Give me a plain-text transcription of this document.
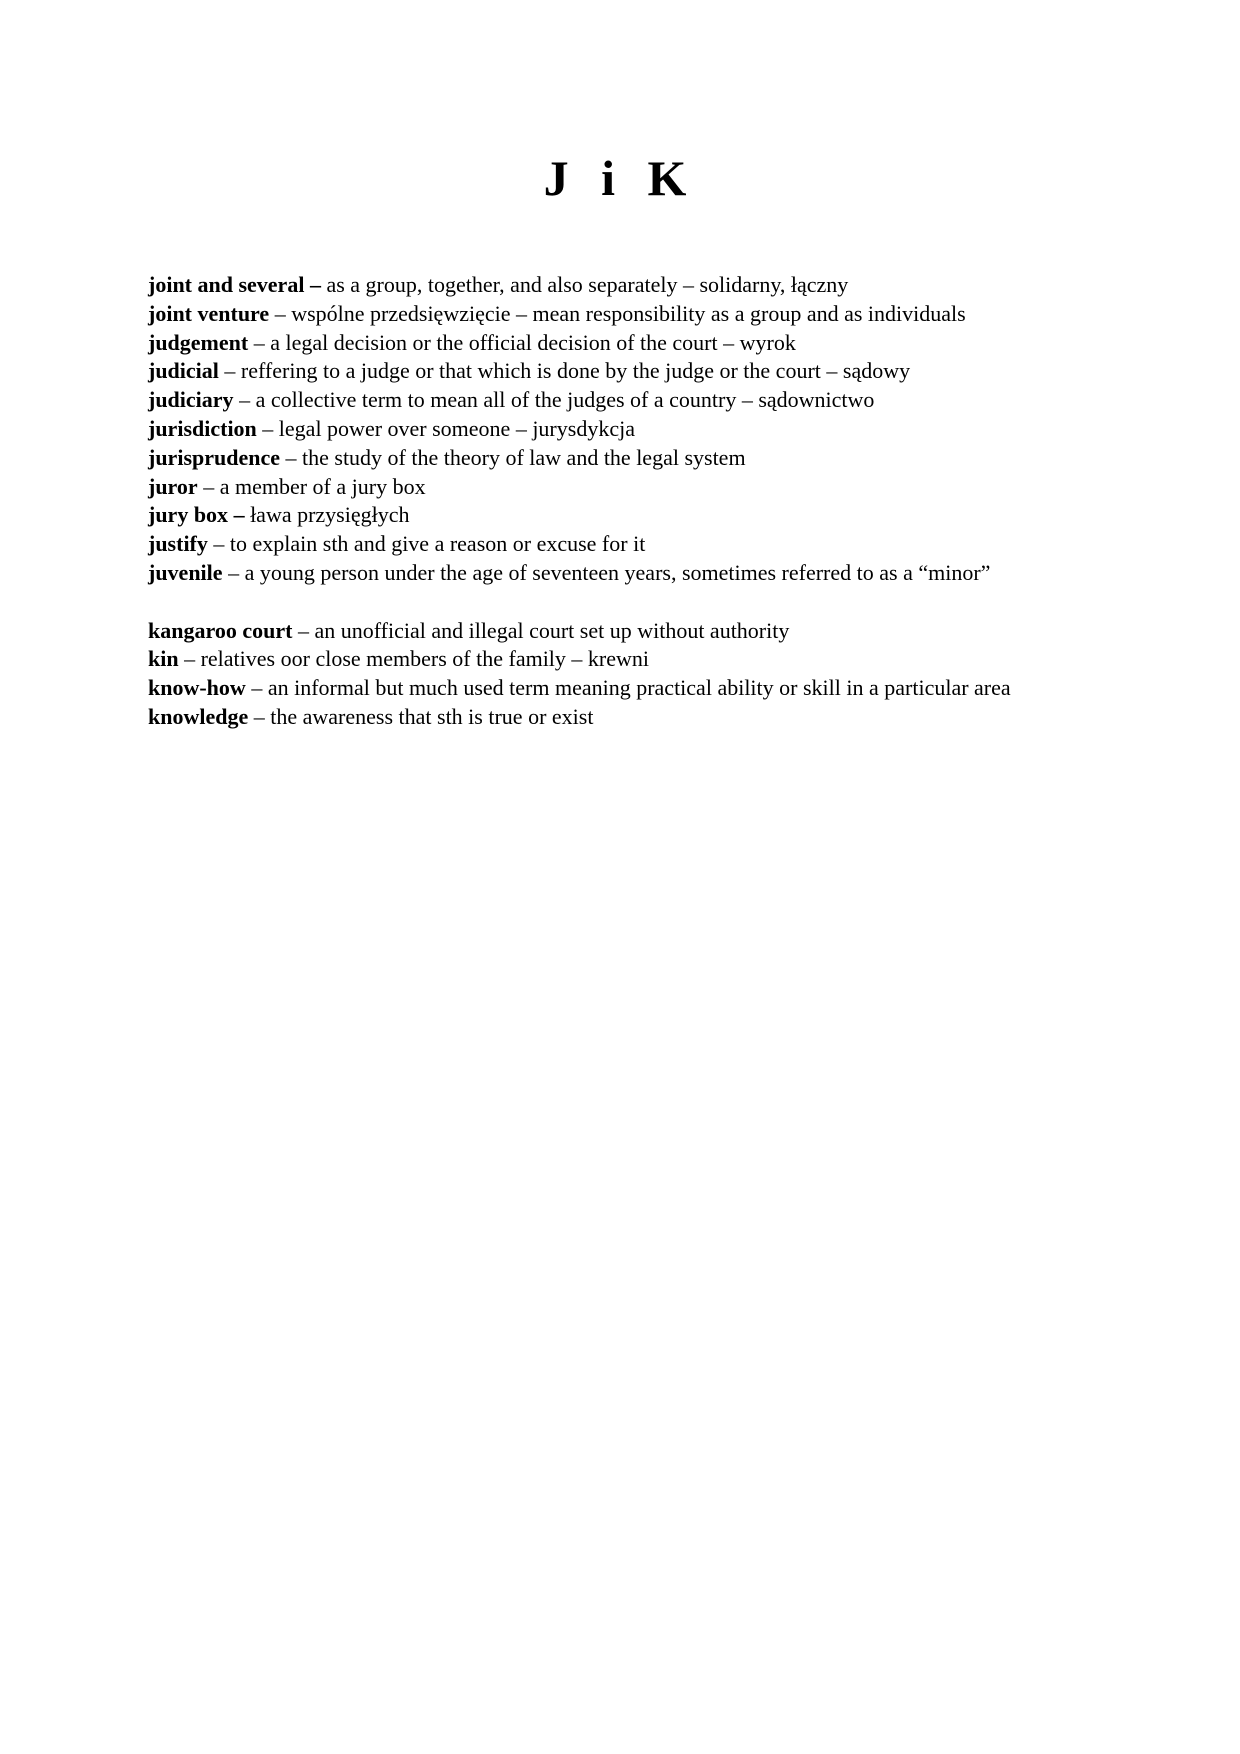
J i K

joint and several – as a group, together, and also separately – solidarny, łączny

joint venture – wspólne przedsięwzięcie – mean responsibility as a group and as individuals

judgement – a legal decision or the official decision of the court – wyrok

judicial – reffering to a judge or that which is done by the judge or the court – sądowy

judiciary – a collective term to mean all of the judges of a country – sądownictwo

jurisdiction – legal power over someone – jurysdykcja

jurisprudence – the study of the theory of law and the legal system

juror – a member of a jury box

jury box – ława przysięgłych

justify – to explain sth and give a reason or excuse for it

juvenile – a young person under the age of seventeen years, sometimes referred to as a “minor”

kangaroo court – an unofficial and illegal court set up without authority

kin – relatives oor close members of the family – krewni

know-how – an informal but much used term meaning practical ability or skill in a particular area

knowledge – the awareness that sth is true or exist
